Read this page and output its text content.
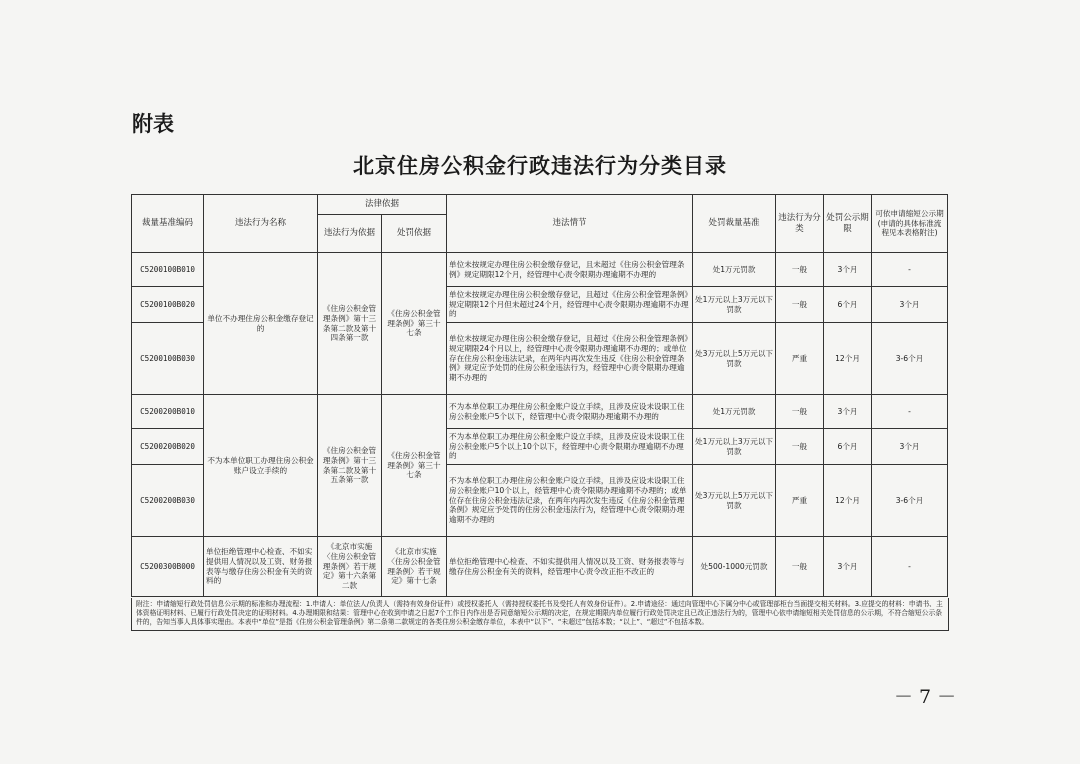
附表
北京住房公积金行政违法行为分类目录
裁量基准编码	违法行为名称	法律依据		违法情节	处罚裁量基准	违法行为分类	处罚公示期限	可依申请缩短公示期(申请的具体标准流程见本表格附注)
		违法行为依据	处罚依据					
C5200100B010	单位不办理住房公积金缴存登记的	《住房公积金管理条例》第十三条第二款及第十四条第一款	《住房公积金管理条例》第三十七条	单位未按规定办理住房公积金缴存登记，且未超过《住房公积金管理条例》规定期限12个月，经管理中心责令限期办理逾期不办理的	处1万元罚款	一般	3个月	-
C5200100B020				单位未按规定办理住房公积金缴存登记，且超过《住房公积金管理条例》规定期限12个月但未超过24个月，经管理中心责令限期办理逾期不办理的	处1万元以上3万元以下罚款	一般	6个月	3个月
C5200100B030				单位未按规定办理住房公积金缴存登记，且超过《住房公积金管理条例》规定期限24个月以上，经管理中心责令限期办理逾期不办理的；或单位存在住房公积金违法记录，在两年内再次发生违反《住房公积金管理条例》规定应予处罚的住房公积金违法行为，经管理中心责令限期办理逾期不办理的	处3万元以上5万元以下罚款	严重	12个月	3-6个月
C5200200B010	不为本单位职工办理住房公积金账户设立手续的	《住房公积金管理条例》第十三条第二款及第十五条第一款	《住房公积金管理条例》第三十七条	不为本单位职工办理住房公积金账户设立手续，且涉及应设未设职工住房公积金账户5个以下，经管理中心责令限期办理逾期不办理的	处1万元罚款	一般	3个月	-
C5200200B020				不为本单位职工办理住房公积金账户设立手续，且涉及应设未设职工住房公积金账户5个以上10个以下，经管理中心责令限期办理逾期不办理的	处1万元以上3万元以下罚款	一般	6个月	3个月
C5200200B030				不为本单位职工办理住房公积金账户设立手续，且涉及应设未设职工住房公积金账户10个以上，经管理中心责令限期办理逾期不办理的；或单位存在住房公积金违法记录，在两年内再次发生违反《住房公积金管理条例》规定应予处罚的住房公积金违法行为，经管理中心责令限期办理逾期不办理的	处3万元以上5万元以下罚款	严重	12个月	3-6个月
C5200300B000	单位拒绝管理中心检查、不如实提供用人情况以及工资、财务报表等与缴存住房公积金有关的资料的	《北京市实施〈住房公积金管理条例〉若干规定》第十六条第二款	《北京市实施〈住房公积金管理条例〉若干规定》第十七条	单位拒绝管理中心检查、不如实提供用人情况以及工资、财务报表等与缴存住房公积金有关的资料，经管理中心责令改正拒不改正的	处500-1000元罚款	一般	3个月	-
附注：申请缩短行政处罚信息公示期的标准和办理流程：1.申请人：单位法人/负责人（需持有效身份证件）或授权委托人（需持授权委托书及受托人有效身份证件）。2.申请途径：通过向管理中心下属分中心或管理部柜台当面提交相关材料。3.应提交的材料：申请书、主体资格证明材料、已履行行政处罚决定的证明材料。4.办理期限和结果：管理中心在收到申请之日起7个工作日内作出是否同意缩短公示期的决定，在规定期限内单位履行行政处罚决定且已改正违法行为的，管理中心依申请缩短相关处罚信息的公示期，不符合缩短公示条件的，告知当事人具体事实理由。本表中“单位”是指《住房公积金管理条例》第二条第二款规定的各类住房公积金缴存单位，本表中“以下”、“未超过”包括本数；“以上”、“超过”不包括本数。
－ 7 －
